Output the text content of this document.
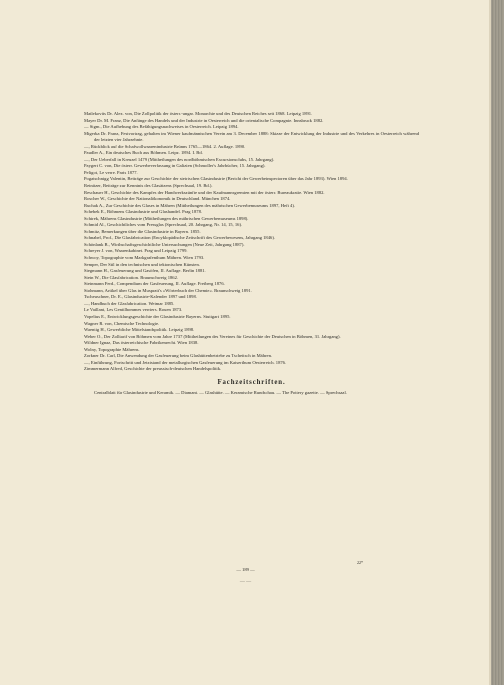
Matlekovits Dr. Alex. von, Die Zollpolitik der österr.-ungar. Monarchie und des Deutschen Reiches seit 1868. Leipzig 1891.

Mayer Dr. M. Franz, Die Anfänge des Handels und der Industrie in Oesterreich und die orientalische Compagnie. Innsbruck 1882.

— Sigm., Die Aufhebung des Befähigungsnachweises in Oesterreich. Leipzig 1894.

Migerka Dr. Franz, Festvortrag, gehalten im Wiener kaufmännischen Verein am 3. December 1888: Skizze der Entwicklung der Industrie und des Verkehres in Oesterreich während der letzten vier Jahrzehnte.

—, Rückblick auf die Schafwollwaarenindustrie Brünns 1765—1864. 2. Auflage. 1890.

Paudler A., Ein deutsches Buch aus Böhmen. Leipz. 1894. I. Bd.

—, Der Ueberfall in Kreuzel 1479 (Mittheilungen des nordböhmischen Excursionsclubs, 15. Jahrgang).

Paygert C. von, Die österr. Gewerbeverfassung in Galizien (Schmoller's Jahrbücher, 15. Jahrgang).

Peligot, Le verre. Paris 1877.

Pogatschnigg Valentin, Beiträge zur Geschichte der steirischen Glasindustrie (Bericht der Gewerbeinspectoren über das Jahr 1893). Wien 1894.

Reinitzer, Beiträge zur Kenntnis des Glasätzens (Sprechsaal, 19. Bd.).

Reschauer H., Geschichte des Kampfes der Handwerkszünfte und der Kaufmannsgremien mit der österr. Bureaukratie. Wien 1882.

Roscher W., Geschichte der Nationalökonomik in Deutschland. München 1874.

Ruchak A., Zur Geschichte des Glases in Mähren (Mittheilungen des mährischen Gewerbemuseums 1897, Heft 4).

Schebek E., Böhmens Glasindustrie und Glashandel. Prag 1878.

Schirek, Mährens Glasindustrie (Mittheilungen des mährischen Gewerbemuseums 1898).

Schmid Al., Geschichtliches vom Pressglas (Sprechsaal, 20. Jahrgang, Nr. 14, 15, 16).

Schmitz, Bemerkungen über die Glasindustrie in Bayern. 1855.

Schnabel, Prof., Die Glasfabrication (Encyklopädische Zeitschrift des Gewerbewesens, Jahrgang 1846).

Schönlank B., Wirthschaftsgeschichtliche Untersuchungen (Neue Zeit, Jahrgang 1887).

Schreyer J. von, Waarenkabinet. Prag und Leipzig 1799.

Schwoy, Topographie vom Markgrafenthum Mähren. Wien 1793.

Semper, Der Stil in den technischen und tektonischen Künsten.

Siegmann H., Gasfeuerung und Gasöfen, II. Auflage. Berlin 1881.

Stein W., Die Glasfabrication. Braunschweig 1862.

Steinmann Ferd., Compendium der Gasfeuerung, II. Auflage. Freiberg 1876.

Stohmann, Artikel über Glas in Muspratt's »Wörterbuch der Chemie«. Braunschweig 1891.

Tscheuschner, Dr. E., Glasindustrie-Kalender 1897 und 1898.

—, Handbuch der Glasfabrication. Weimar 1885.

Le Vaillant, Les Gentilhommes verriers. Rouen 1873.

Vopelius E., Entwicklungsgeschichte der Glasindustrie Bayerns. Stuttgart 1895.

Wagner R. von, Chemische Technologie.

Waentig H., Gewerbliche Mittelstandspolitik. Leipzig 1898.

Weber O., Der Zolltarif von Böhmen vom Jahre 1737 (Mittheilungen des Vereines für Geschichte der Deutschen in Böhmen, 31. Jahrgang).

Wildner Ignaz, Das österreichische Fabrikenrecht. Wien 1838.

Wolny, Topographie Mährens.

Zorkner Dr. Carl, Die Anwendung der Gasfeuerung beim Glashüttenbetriebe zu Tscheitsch in Mähren.

—, Einführung, Fortschritt und Jetztstand der metallurgischen Gasfeuerung im Kaiserthum Oesterreich. 1876.

Zimmermann Alfred, Geschichte der preussisch-deutschen Handelspolitik.

Fachzeitschriften.

Centralblatt für Glasindustrie und Keramik. — Diamant. — Glashütte. — Keramische Rundschau. — The Pottery gazette. — Sprechsaal.

22*
— 189 —
— —
